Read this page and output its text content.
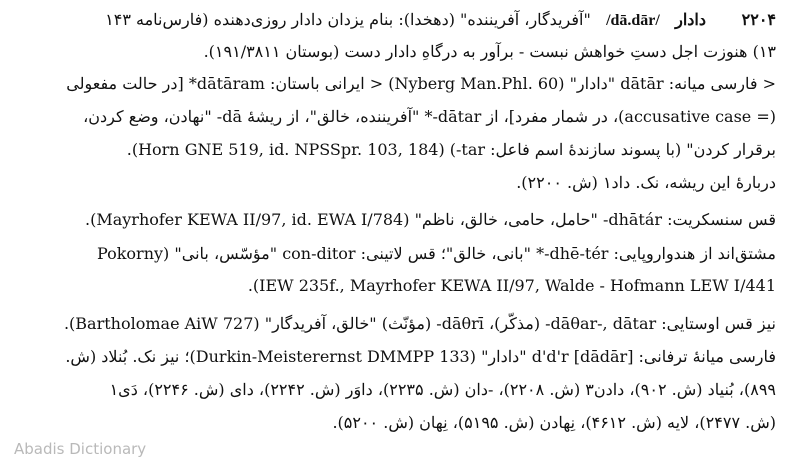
۲۲۰۴
دادار   /dā.dār/   "آفریدگار، آفریننده" (دهخدا): بنام یزدان دادار روزی‌دهنده (فارس‌نامه ۱۴۳
۱۳) هنوزت اجل دستِ خواهش نبست - برآور به درگاهِ دادار دست (بوستان ۱۹۱/۳۸۱۱).
< فارسی میانه: dātār "دادار" (Nyberg Man.Phl. 60) < ایرانی باستان: dātāram* [در حالت مفعولی
(= accusative case)، در شمار مفرد]، از dātar-* "آفریننده، خالق"، از ریشهٔ dā- "نهادن، وضع کردن،
برقرار کردن" (با پسوند سازندهٔ اسم فاعل: tar-) (Horn GNE 519, id. NPSSpr. 103, 184).
دربارهٔ این ریشه، نک. داد۱ (ش. ۲۲۰۰).
قس سنسکریت: dhātár- "حامل، حامی، خالق، ناظم" (Mayrhofer KEWA II/97, id. EWA I/784).
مشتق‌اند از هندواروپایی: dhē-tér-* "بانی، خالق"؛ قس لاتینی: con-ditor "مؤسّس، بانی" (Pokorny
IEW 235f., Mayrhofer KEWA II/97, Walde - Hofmann LEW I/441).
نیز قس اوستایی: dāθar-, dātar- (مذکّر)، dāθrī- (مؤنّث) "خالق، آفریدگار" (Bartholomae AiW 727).
فارسی میانهٔ ترفانی: d'd'r [dādār] "دادار" (Durkin-Meisterernst DMMPP 133)؛ نیز نک. بُنلاد (ش.
۸۹۹)، بُنیاد (ش. ۹۰۲)، دادن۳ (ش. ۲۲۰۸)، -دان (ش. ۲۲۳۵)، داوَر (ش. ۲۲۴۲)، دای (ش. ۲۲۴۶)، دَی۱
(ش. ۲۴۷۷)، لایه (ش. ۴۶۱۲)، نِهادن (ش. ۵۱۹۵)، نِهان (ش. ۵۲۰۰).
Abadis Dictionary
